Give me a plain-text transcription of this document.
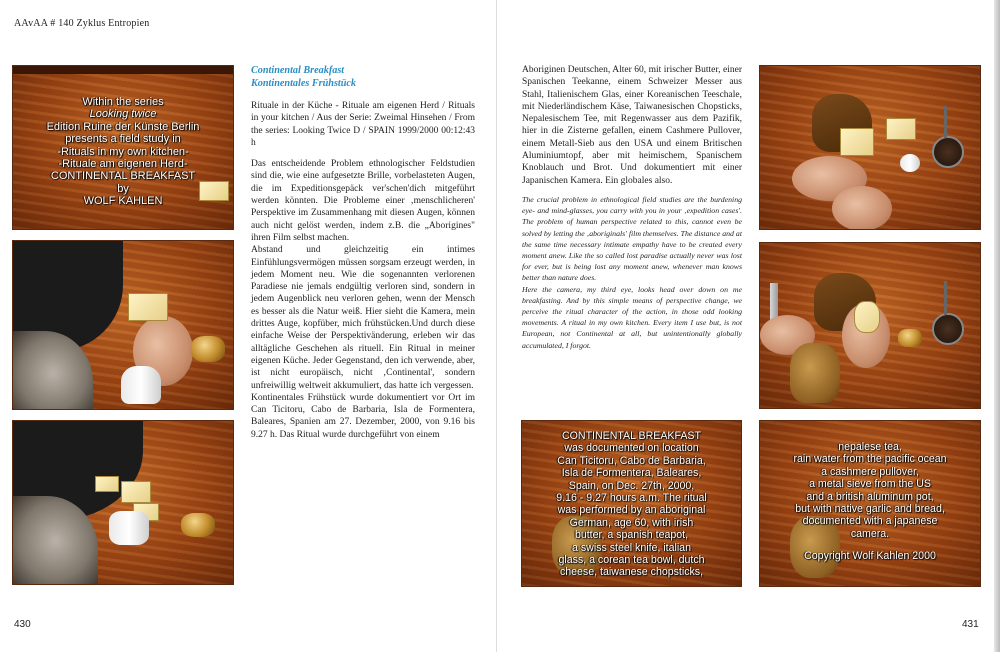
AAvAA # 140 Zyklus Entropien
Within the series
Looking twice
Edition Ruine der Künste Berlin
presents a field study in
-Rituals in my own kitchen-
-Rituale am eigenen Herd-
CONTINENTAL BREAKFAST
by
WOLF KAHLEN
Continental Breakfast
Kontinentales Frühstück

Rituale in der Küche - Rituale am eigenen Herd / Rituals in your kitchen / Aus der Serie: Zweimal Hinsehen / From the series: Looking Twice D / SPAIN 1999/2000 00:12:43 h

Das entscheidende Problem ethnologischer Feldstudien sind die, wie eine aufgesetzte Brille, vorbelasteten Augen, die im Expeditionsgepäck ver'schen'dich mitgeführt werden könnten. Die Probleme einer ‚menschlicheren' Perspektive im Zusammenhang mit diesen Augen, können auch nicht gelöst werden, indem z.B. die „Aborigines" ihren Film selbst machen.

Abstand und gleichzeitig ein intimes Einfühlungsvermögen müssen sorgsam erzeugt werden, in jedem Moment neu. Wie die sogenannten verlorenen Paradiese nie jemals endgültig verloren sind, sondern in jedem Augenblick neu verloren gehen, wenn der Mensch es besser als die Natur weiß. Hier sieht die Kamera, mein drittes Auge, kopfüber, mich frühstücken.Und durch diese einfache Weise der Perspektivänderung, erleben wir das alltägliche Geschehen als rituell. Ein Ritual in meiner eigenen Küche. Jeder Gegenstand, den ich verwende, aber, ist nicht europäisch, nicht ‚Continental', sondern unfreiwillig weltweit akkumuliert, das hatte ich vergessen.

Kontinentales Frühstück wurde dokumentiert vor Ort im Can Ticitoru, Cabo de Barbaria, Isla de Formentera, Baleares, Spanien am 27. Dezember, 2000, von 9.16 bis 9.27 h. Das Ritual wurde durchgeführt von einem

Aboriginen Deutschen, Alter 60, mit irischer Butter, einer Spanischen Teekanne, einem Schweizer Messer aus Stahl, Italienischem Glas, einer Koreanischen Teeschale, mit Niederländischem Käse, Taiwanesischen Chopsticks, Nepalesischem Tee, mit Regenwasser aus dem Pazifik, hier in die Zisterne gefallen, einem Cashmere Pullover, einem Metall-Sieb aus den USA und einem Britischen Aluminiumtopf, aber mit heimischem, Spanischem Knoblauch und Brot. Und dokumentiert mit einer Japanischen Kamera. Ein globales also.

The crucial problem in ethnological field studies are the burdening eye- and mind-glasses, you carry with you in your ‚expedition cases'. The problem of human perspective related to this, cannot even be solved by letting the ‚aboriginals' film themselves. The distance and at the same time necessary intimate empathy have to be created every moment anew. Like the so called lost paradise actually never was lost for ever, but is being lost any moment anew, whenever man knows better than nature does.

Here the camera, my third eye, looks head over down on me breakfasting. And by this simple means of perspective change, we perceive the ritual character of the action, in those odd looking movements. A ritual in my own kitchen. Every item I use but, is not European, not Continental at all, but unintentionally globally accumulated, I forgot.

CONTINENTAL BREAKFAST
was documented on location
Can Ticitoru, Cabo de Barbaria,
Isla de Formentera, Baleares,
Spain, on Dec. 27th, 2000,
9.16 - 9.27 hours a.m. The ritual
was performed by an aboriginal
German, age 60, with irish
butter, a spanish teapot,
a swiss steel knife, italian
glass, a corean tea bowl, dutch
cheese, taiwanese chopsticks,
nepalese tea,
rain water from the pacific ocean
a cashmere pullover,
a metal sieve from the US
and a british aluminum pot,
but with native garlic and bread,
documented with a japanese
camera.
Copyright Wolf Kahlen 2000
430	431
